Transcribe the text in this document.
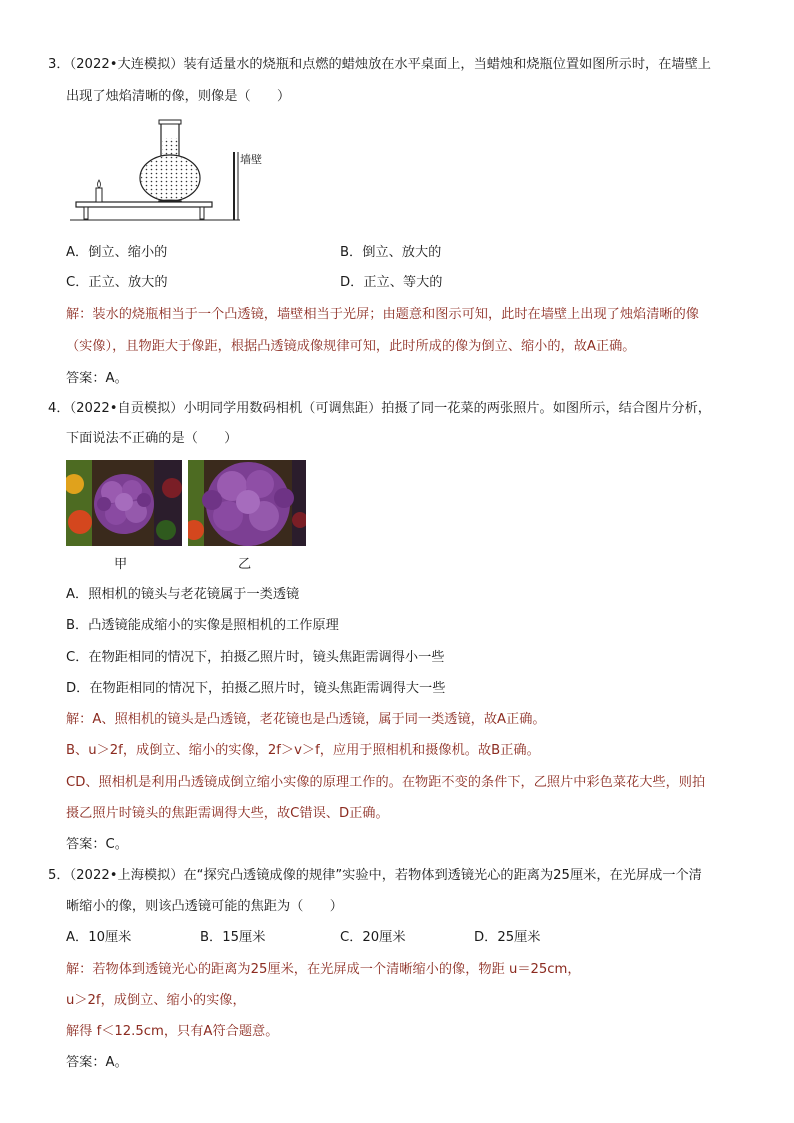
3．（2022•大连模拟）装有适量水的烧瓶和点燃的蜡烛放在水平桌面上，当蜡烛和烧瓶位置如图所示时，在墙壁上
出现了烛焰清晰的像，则像是（　　）
墙壁
A．倒立、缩小的	B．倒立、放大的
C．正立、放大的	D．正立、等大的
解：装水的烧瓶相当于一个凸透镜，墙壁相当于光屏；由题意和图示可知，此时在墙壁上出现了烛焰清晰的像
（实像），且物距大于像距，根据凸透镜成像规律可知，此时所成的像为倒立、缩小的，故A正确。
答案：A。
4．（2022•自贡模拟）小明同学用数码相机（可调焦距）拍摄了同一花菜的两张照片。如图所示，结合图片分析，
下面说法不正确的是（　　）
甲	乙
A．照相机的镜头与老花镜属于一类透镜
B．凸透镜能成缩小的实像是照相机的工作原理
C．在物距相同的情况下，拍摄乙照片时，镜头焦距需调得小一些
D．在物距相同的情况下，拍摄乙照片时，镜头焦距需调得大一些
解：A、照相机的镜头是凸透镜，老花镜也是凸透镜，属于同一类透镜，故A正确。
B、u＞2f，成倒立、缩小的实像，2f＞v＞f，应用于照相机和摄像机。故B正确。
CD、照相机是利用凸透镜成倒立缩小实像的原理工作的。在物距不变的条件下，乙照片中彩色菜花大些，则拍
摄乙照片时镜头的焦距需调得大些，故C错误、D正确。
答案：C。
5．（2022•上海模拟）在“探究凸透镜成像的规律”实验中，若物体到透镜光心的距离为25厘米，在光屏成一个清
晰缩小的像，则该凸透镜可能的焦距为（　　）
A．10厘米	B．15厘米	C．20厘米	D．25厘米
解：若物体到透镜光心的距离为25厘米，在光屏成一个清晰缩小的像，物距 u＝25cm，
u＞2f，成倒立、缩小的实像，
解得 f＜12.5cm，只有A符合题意。
答案：A。
